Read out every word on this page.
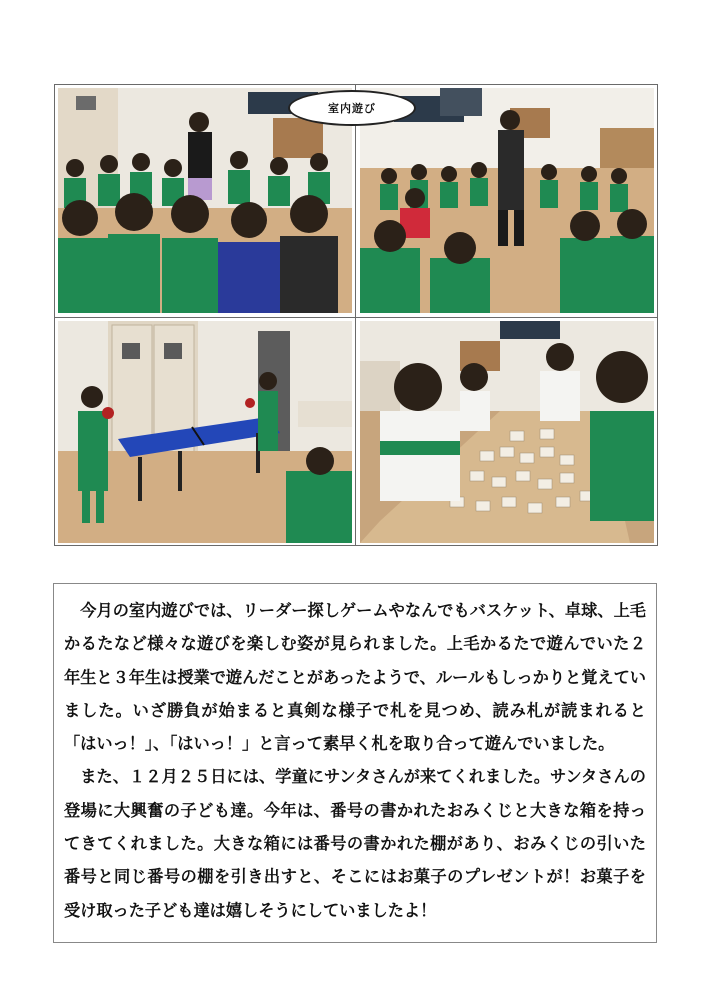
室内遊び

　今月の室内遊びでは、リーダー探しゲームやなんでもバスケット、卓球、上毛かるたなど様々な遊びを楽しむ姿が見られました。上毛かるたで遊んでいた２年生と３年生は授業で遊んだことがあったようで、ルールもしっかりと覚えていました。いざ勝負が始まると真剣な様子で札を見つめ、読み札が読まれると「はいっ！」、「はいっ！」と言って素早く札を取り合って遊んでいました。

　また、１２月２５日には、学童にサンタさんが来てくれました。サンタさんの登場に大興奮の子ども達。今年は、番号の書かれたおみくじと大きな箱を持ってきてくれました。大きな箱には番号の書かれた棚があり、おみくじの引いた番号と同じ番号の棚を引き出すと、そこにはお菓子のプレゼントが！お菓子を受け取った子ども達は嬉しそうにしていましたよ！
